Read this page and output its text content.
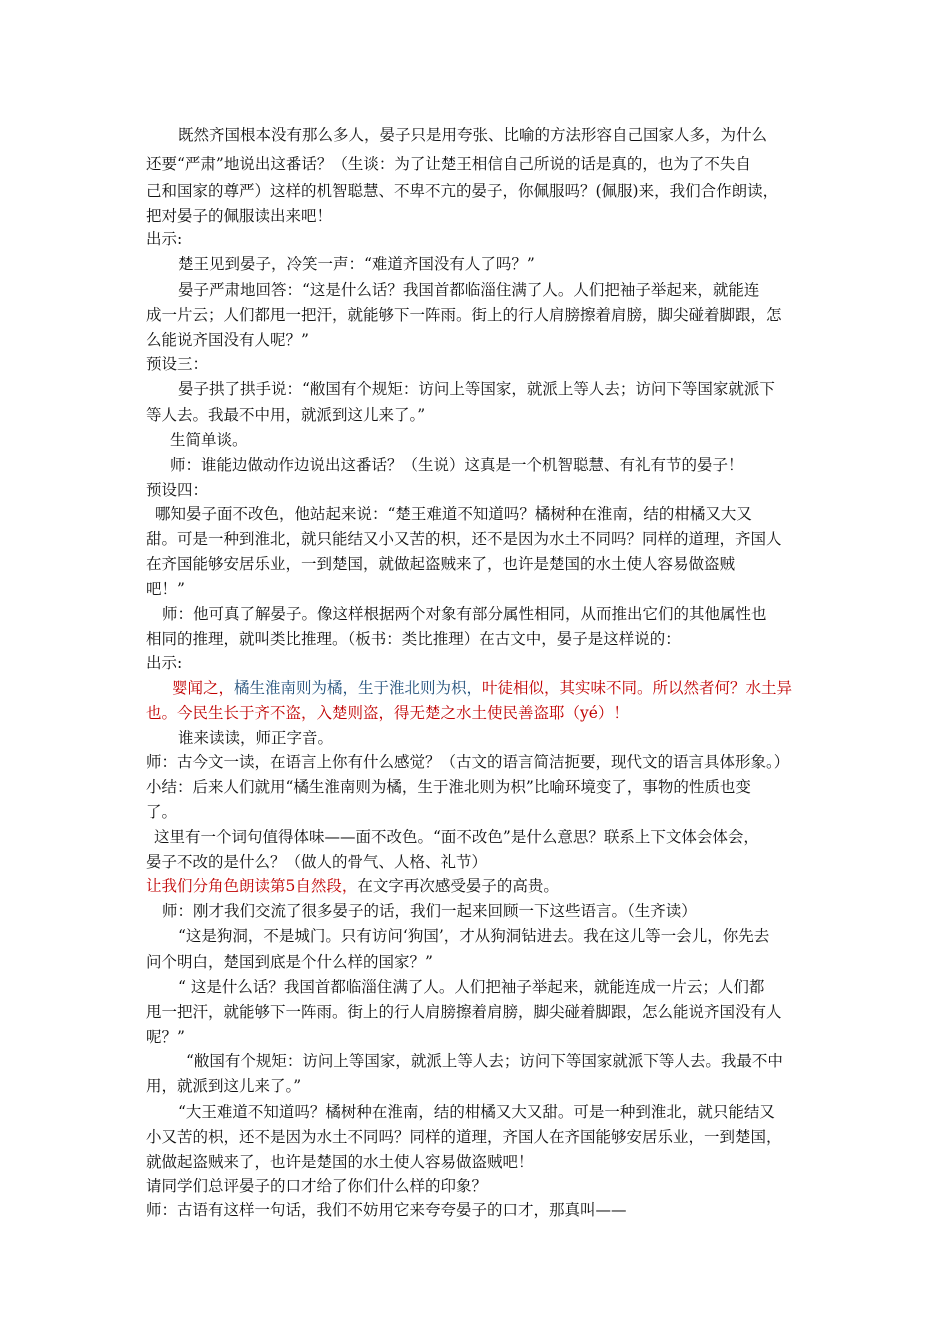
既然齐国根本没有那么多人，晏子只是用夸张、比喻的方法形容自己国家人多，为什么
还要“严肃”地说出这番话？（生谈：为了让楚王相信自己所说的话是真的，也为了不失自
己和国家的尊严）这样的机智聪慧、不卑不亢的晏子，你佩服吗？(佩服)来，我们合作朗读，
把对晏子的佩服读出来吧！
出示:
楚王见到晏子，冷笑一声：“难道齐国没有人了吗？”
晏子严肃地回答：“这是什么话？我国首都临淄住满了人。人们把袖子举起来，就能连
成一片云；人们都甩一把汗，就能够下一阵雨。街上的行人肩膀擦着肩膀，脚尖碰着脚跟，怎
么能说齐国没有人呢？”
预设三：
晏子拱了拱手说：“敝国有个规矩：访问上等国家，就派上等人去；访问下等国家就派下
等人去。我最不中用，就派到这儿来了。”
生简单谈。
师：谁能边做动作边说出这番话？（生说）这真是一个机智聪慧、有礼有节的晏子！
预设四：
哪知晏子面不改色，他站起来说：“楚王难道不知道吗？橘树种在淮南，结的柑橘又大又
甜。可是一种到淮北，就只能结又小又苦的枳，还不是因为水土不同吗？同样的道理，齐国人
在齐国能够安居乐业，一到楚国，就做起盗贼来了，也许是楚国的水土使人容易做盗贼
吧！”
师：他可真了解晏子。像这样根据两个对象有部分属性相同，从而推出它们的其他属性也
相同的推理，就叫类比推理。（板书：类比推理）在古文中，晏子是这样说的：
出示:
婴闻之，橘生淮南则为橘，生于淮北则为枳，叶徒相似，其实味不同。所以然者何？水土异
也。今民生长于齐不盗，入楚则盗，得无楚之水土使民善盗耶（yé）！
谁来读读，师正字音。
师：古今文一读，在语言上你有什么感觉？（古文的语言简洁扼要，现代文的语言具体形象。）
小结：后来人们就用“橘生淮南则为橘，生于淮北则为枳”比喻环境变了，事物的性质也变
了。
这里有一个词句值得体味——面不改色。“面不改色”是什么意思？联系上下文体会体会，
晏子不改的是什么？（做人的骨气、人格、礼节）
让我们分角色朗读第5自然段，在文字再次感受晏子的高贵。
师：刚才我们交流了很多晏子的话，我们一起来回顾一下这些语言。（生齐读）
“这是狗洞，不是城门。只有访问‘狗国’，才从狗洞钻进去。我在这儿等一会儿，你先去
问个明白，楚国到底是个什么样的国家？”
“ 这是什么话？我国首都临淄住满了人。人们把袖子举起来，就能连成一片云；人们都
甩一把汗，就能够下一阵雨。街上的行人肩膀擦着肩膀，脚尖碰着脚跟，怎么能说齐国没有人
呢？”
“敝国有个规矩：访问上等国家，就派上等人去；访问下等国家就派下等人去。我最不中
用，就派到这儿来了。”
“大王难道不知道吗？橘树种在淮南，结的柑橘又大又甜。可是一种到淮北，就只能结又
小又苦的枳，还不是因为水土不同吗？同样的道理，齐国人在齐国能够安居乐业，一到楚国，
就做起盗贼来了，也许是楚国的水土使人容易做盗贼吧！
请同学们总评晏子的口才给了你们什么样的印象？
师：古语有这样一句话，我们不妨用它来夸夸晏子的口才，那真叫——
